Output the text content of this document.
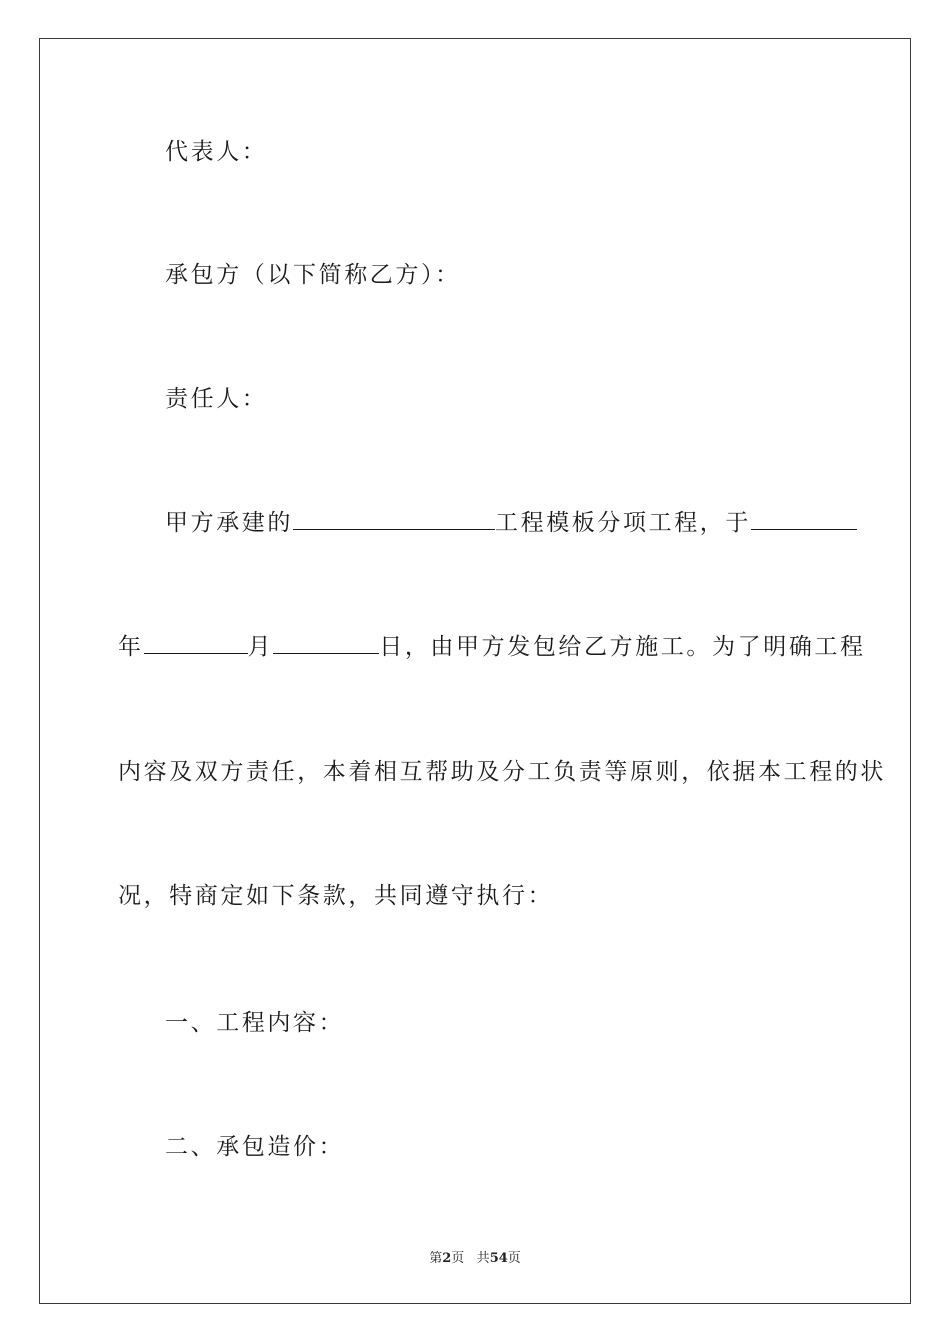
代表人：
承包方（以下简称乙方）：
责任人：
甲方承建的	工程模板分项工程，于
年	月	日，由甲方发包给乙方施工。为了明确工程
内容及双方责任，本着相互帮助及分工负责等原则，依据本工程的状
况，特商定如下条款，共同遵守执行：
一、工程内容：
二、承包造价：
第2页 共54页
